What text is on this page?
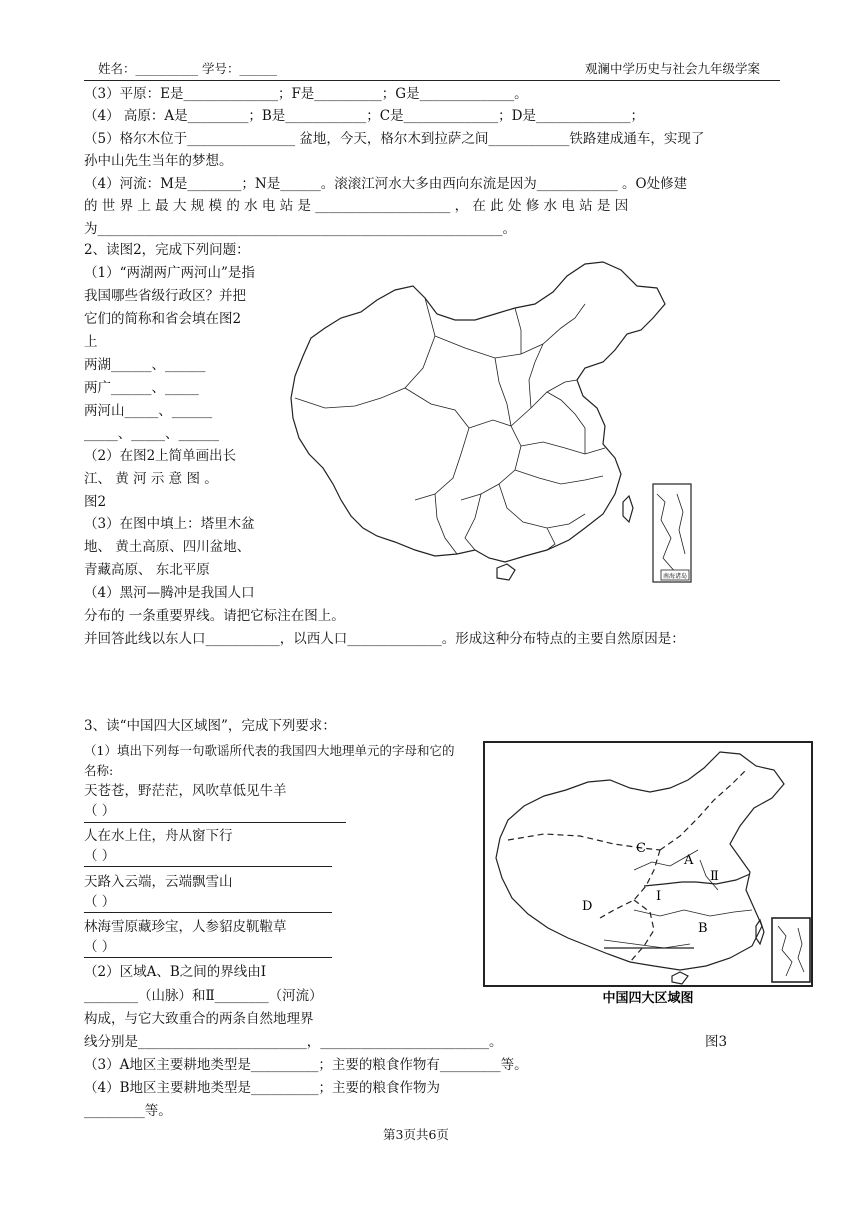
姓名：__________ 学号：______	观澜中学历史与社会九年级学案
（3）平原：E是______________；F是__________；G是______________。
（4） 高原：A是_________；B是____________；C是______________；D是______________；
（5）格尔木位于________________ 盆地，今天，格尔木到拉萨之间____________铁路建成通车，实现了
孙中山先生当年的梦想。
（4）河流：M是________；N是______。滚滚江河水大多由西向东流是因为____________ 。O处修建
的 世 界 上 最 大 规 模 的 水 电 站 是 ____________________ ， 在 此 处 修 水 电 站 是 因
为____________________________________________________________。
2、读图2，完成下列问题：
（1）“两湖两广两河山”是指
我国哪些省级行政区？并把
它们的简称和省会填在图2
上
两湖______、______
两广______、_____
两河山_____、______
_____、_____、______
（2）在图2上简单画出长
江、 黄 河 示 意 图 。
图2
（3）在图中填上：塔里木盆
地、 黄土高原、四川盆地、
青藏高原、 东北平原
（4）黑河—腾冲是我国人口
分布的 一条重要界线。请把它标注在图上。
并回答此线以东人口___________，以西人口______________。形成这种分布特点的主要自然原因是：
南海诸岛
3、读“中国四大区域图”，完成下列要求：
（1）填出下列每一句歌谣所代表的我国四大地理单元的字母和它的
名称:
天苍苍，野茫茫，风吹草低见牛羊
（ ）
人在水上住，舟从窗下行
（ ）
天路入云端，云端飘雪山
（ ）
林海雪原藏珍宝，人参貂皮靰鞡草
（ ）
（2）区域A、B之间的界线由Ⅰ
________（山脉）和Ⅱ________（河流）
构成，与它大致重合的两条自然地理界
线分别是_________________________，_________________________。	图3
（3）A地区主要耕地类型是__________；主要的粮食作物有_________等。
（4）B地区主要耕地类型是__________；主要的粮食作物为
_________等。
C
A
Ⅱ
Ⅰ
D
B
中国四大区域图
第3页共6页
